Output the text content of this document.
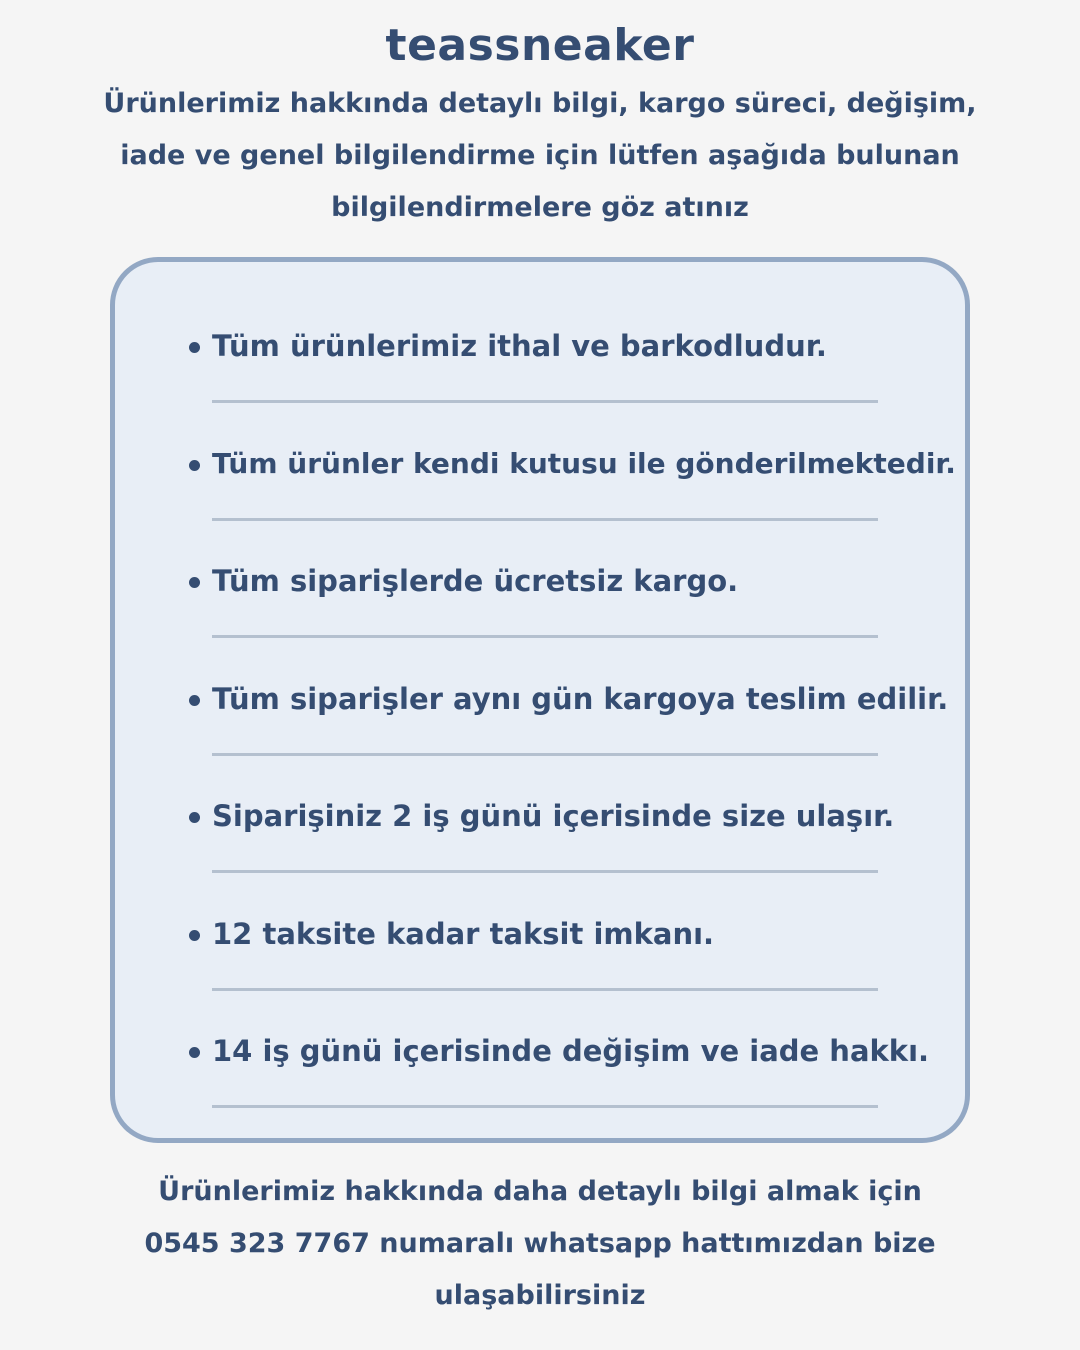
teassneaker
Ürünlerimiz hakkında detaylı bilgi, kargo süreci, değişim,
iade ve genel bilgilendirme için lütfen aşağıda bulunan
bilgilendirmelere göz atınız
Tüm ürünlerimiz ithal ve barkodludur.
Tüm ürünler kendi kutusu ile gönderilmektedir.
Tüm siparişlerde ücretsiz kargo.
Tüm siparişler aynı gün kargoya teslim edilir.
Siparişiniz 2 iş günü içerisinde size ulaşır.
12 taksite kadar taksit imkanı.
14 iş günü içerisinde değişim ve iade hakkı.
Ürünlerimiz hakkında daha detaylı bilgi almak için
0545 323 7767 numaralı whatsapp hattımızdan bize
ulaşabilirsiniz
